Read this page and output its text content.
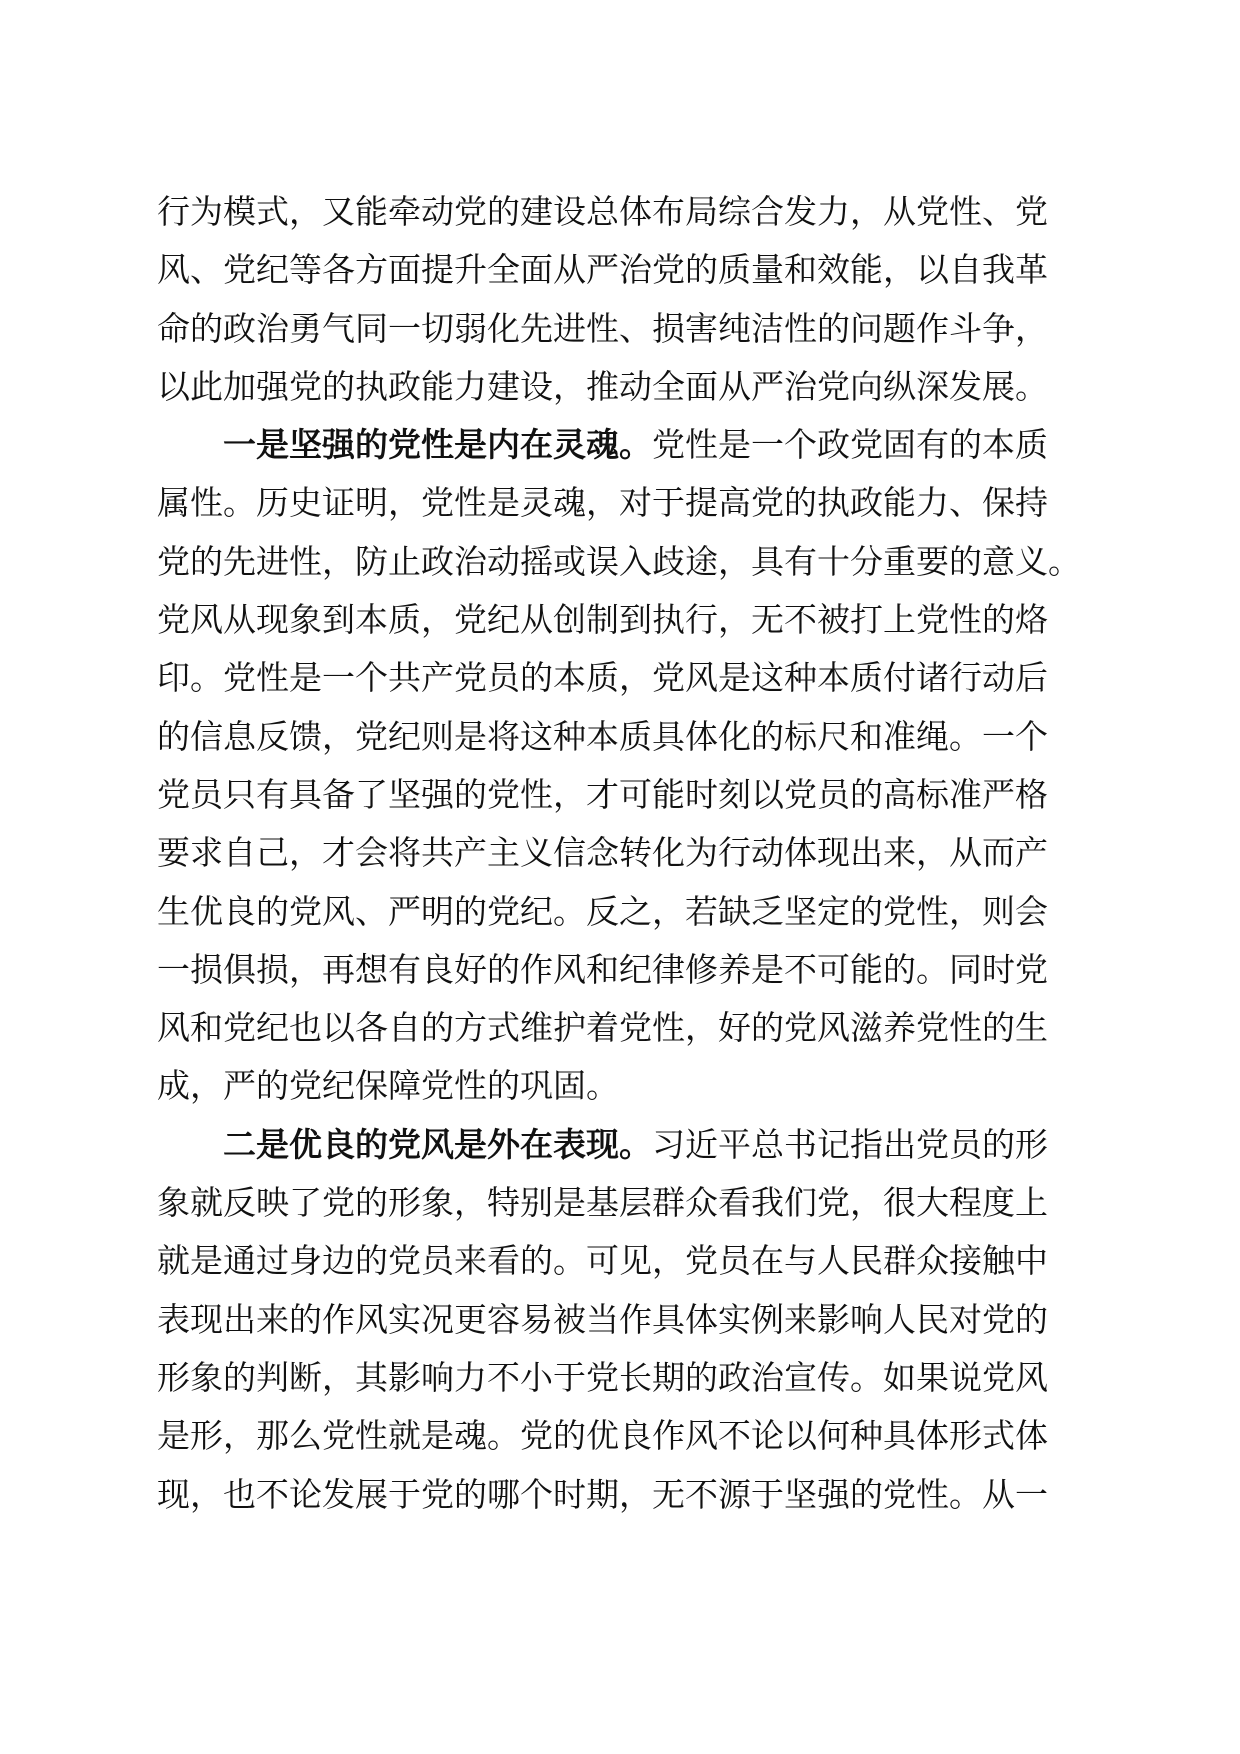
行为模式，又能牵动党的建设总体布局综合发力，从党性、党
风、党纪等各方面提升全面从严治党的质量和效能，以自我革
命的政治勇气同一切弱化先进性、损害纯洁性的问题作斗争，
以此加强党的执政能力建设，推动全面从严治党向纵深发展。
一是坚强的党性是内在灵魂。党性是一个政党固有的本质
属性。历史证明，党性是灵魂，对于提高党的执政能力、保持
党的先进性，防止政治动摇或误入歧途，具有十分重要的意义。
党风从现象到本质，党纪从创制到执行，无不被打上党性的烙
印。党性是一个共产党员的本质，党风是这种本质付诸行动后
的信息反馈，党纪则是将这种本质具体化的标尺和准绳。一个
党员只有具备了坚强的党性，才可能时刻以党员的高标准严格
要求自己，才会将共产主义信念转化为行动体现出来，从而产
生优良的党风、严明的党纪。反之，若缺乏坚定的党性，则会
一损俱损，再想有良好的作风和纪律修养是不可能的。同时党
风和党纪也以各自的方式维护着党性，好的党风滋养党性的生
成，严的党纪保障党性的巩固。
二是优良的党风是外在表现。习近平总书记指出党员的形
象就反映了党的形象，特别是基层群众看我们党，很大程度上
就是通过身边的党员来看的。可见，党员在与人民群众接触中
表现出来的作风实况更容易被当作具体实例来影响人民对党的
形象的判断，其影响力不小于党长期的政治宣传。如果说党风
是形，那么党性就是魂。党的优良作风不论以何种具体形式体
现，也不论发展于党的哪个时期，无不源于坚强的党性。从一
